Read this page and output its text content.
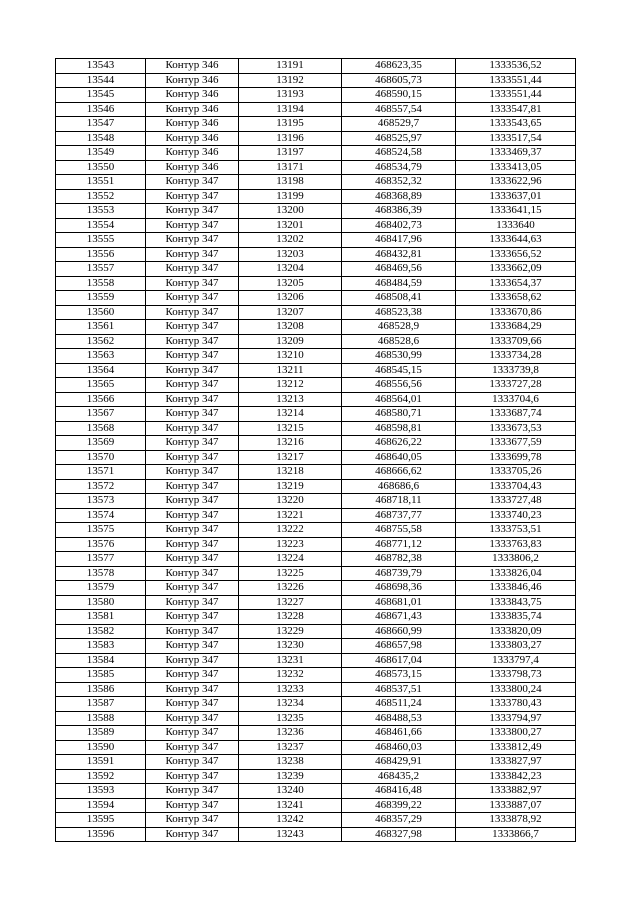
13543	Контур 346	13191	468623,35	1333536,52
13544	Контур 346	13192	468605,73	1333551,44
13545	Контур 346	13193	468590,15	1333551,44
13546	Контур 346	13194	468557,54	1333547,81
13547	Контур 346	13195	468529,7	1333543,65
13548	Контур 346	13196	468525,97	1333517,54
13549	Контур 346	13197	468524,58	1333469,37
13550	Контур 346	13171	468534,79	1333413,05
13551	Контур 347	13198	468352,32	1333622,96
13552	Контур 347	13199	468368,89	1333637,01
13553	Контур 347	13200	468386,39	1333641,15
13554	Контур 347	13201	468402,73	1333640
13555	Контур 347	13202	468417,96	1333644,63
13556	Контур 347	13203	468432,81	1333656,52
13557	Контур 347	13204	468469,56	1333662,09
13558	Контур 347	13205	468484,59	1333654,37
13559	Контур 347	13206	468508,41	1333658,62
13560	Контур 347	13207	468523,38	1333670,86
13561	Контур 347	13208	468528,9	1333684,29
13562	Контур 347	13209	468528,6	1333709,66
13563	Контур 347	13210	468530,99	1333734,28
13564	Контур 347	13211	468545,15	1333739,8
13565	Контур 347	13212	468556,56	1333727,28
13566	Контур 347	13213	468564,01	1333704,6
13567	Контур 347	13214	468580,71	1333687,74
13568	Контур 347	13215	468598,81	1333673,53
13569	Контур 347	13216	468626,22	1333677,59
13570	Контур 347	13217	468640,05	1333699,78
13571	Контур 347	13218	468666,62	1333705,26
13572	Контур 347	13219	468686,6	1333704,43
13573	Контур 347	13220	468718,11	1333727,48
13574	Контур 347	13221	468737,77	1333740,23
13575	Контур 347	13222	468755,58	1333753,51
13576	Контур 347	13223	468771,12	1333763,83
13577	Контур 347	13224	468782,38	1333806,2
13578	Контур 347	13225	468739,79	1333826,04
13579	Контур 347	13226	468698,36	1333846,46
13580	Контур 347	13227	468681,01	1333843,75
13581	Контур 347	13228	468671,43	1333835,74
13582	Контур 347	13229	468660,99	1333820,09
13583	Контур 347	13230	468657,98	1333803,27
13584	Контур 347	13231	468617,04	1333797,4
13585	Контур 347	13232	468573,15	1333798,73
13586	Контур 347	13233	468537,51	1333800,24
13587	Контур 347	13234	468511,24	1333780,43
13588	Контур 347	13235	468488,53	1333794,97
13589	Контур 347	13236	468461,66	1333800,27
13590	Контур 347	13237	468460,03	1333812,49
13591	Контур 347	13238	468429,91	1333827,97
13592	Контур 347	13239	468435,2	1333842,23
13593	Контур 347	13240	468416,48	1333882,97
13594	Контур 347	13241	468399,22	1333887,07
13595	Контур 347	13242	468357,29	1333878,92
13596	Контур 347	13243	468327,98	1333866,7
